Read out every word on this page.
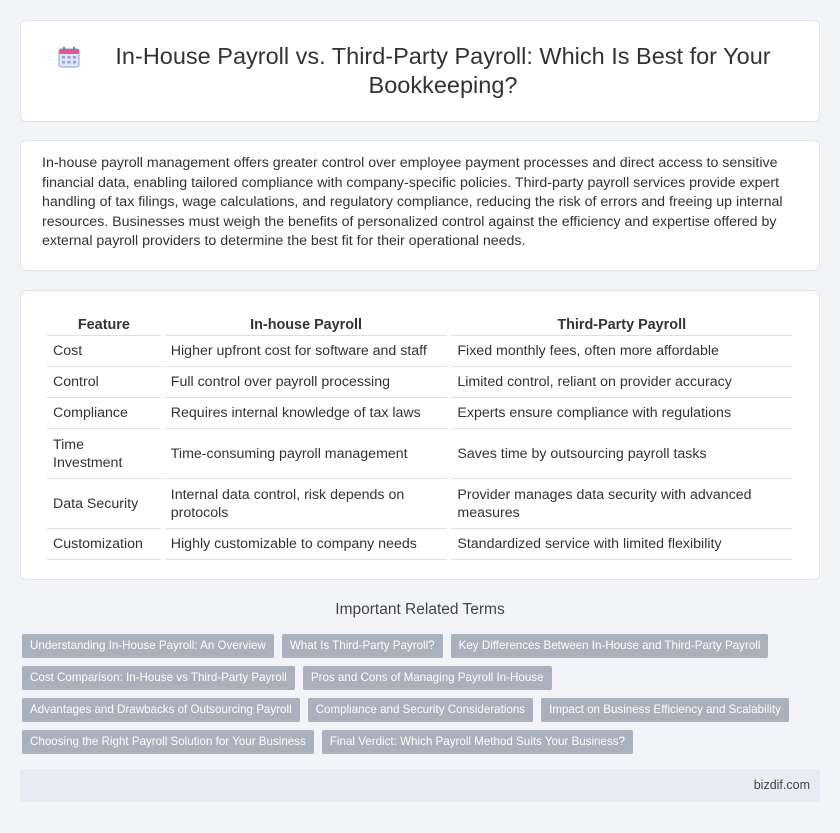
In-House Payroll vs. Third-Party Payroll: Which Is Best for Your Bookkeeping?

In-house payroll management offers greater control over employee payment processes and direct access to sensitive financial data, enabling tailored compliance with company-specific policies. Third-party payroll services provide expert handling of tax filings, wage calculations, and regulatory compliance, reducing the risk of errors and freeing up internal resources. Businesses must weigh the benefits of personalized control against the efficiency and expertise offered by external payroll providers to determine the best fit for their operational needs.

Feature	In-house Payroll	Third-Party Payroll
Cost	Higher upfront cost for software and staff	Fixed monthly fees, often more affordable
Control	Full control over payroll processing	Limited control, reliant on provider accuracy
Compliance	Requires internal knowledge of tax laws	Experts ensure compliance with regulations
Time Investment	Time-consuming payroll management	Saves time by outsourcing payroll tasks
Data Security	Internal data control, risk depends on protocols	Provider manages data security with advanced measures
Customization	Highly customizable to company needs	Standardized service with limited flexibility
Important Related Terms
Understanding In-House Payroll: An Overview	What Is Third-Party Payroll?	Key Differences Between In-House and Third-Party Payroll
Cost Comparison: In-House vs Third-Party Payroll	Pros and Cons of Managing Payroll In-House
Advantages and Drawbacks of Outsourcing Payroll	Compliance and Security Considerations	Impact on Business Efficiency and Scalability
Choosing the Right Payroll Solution for Your Business	Final Verdict: Which Payroll Method Suits Your Business?
bizdif.com
